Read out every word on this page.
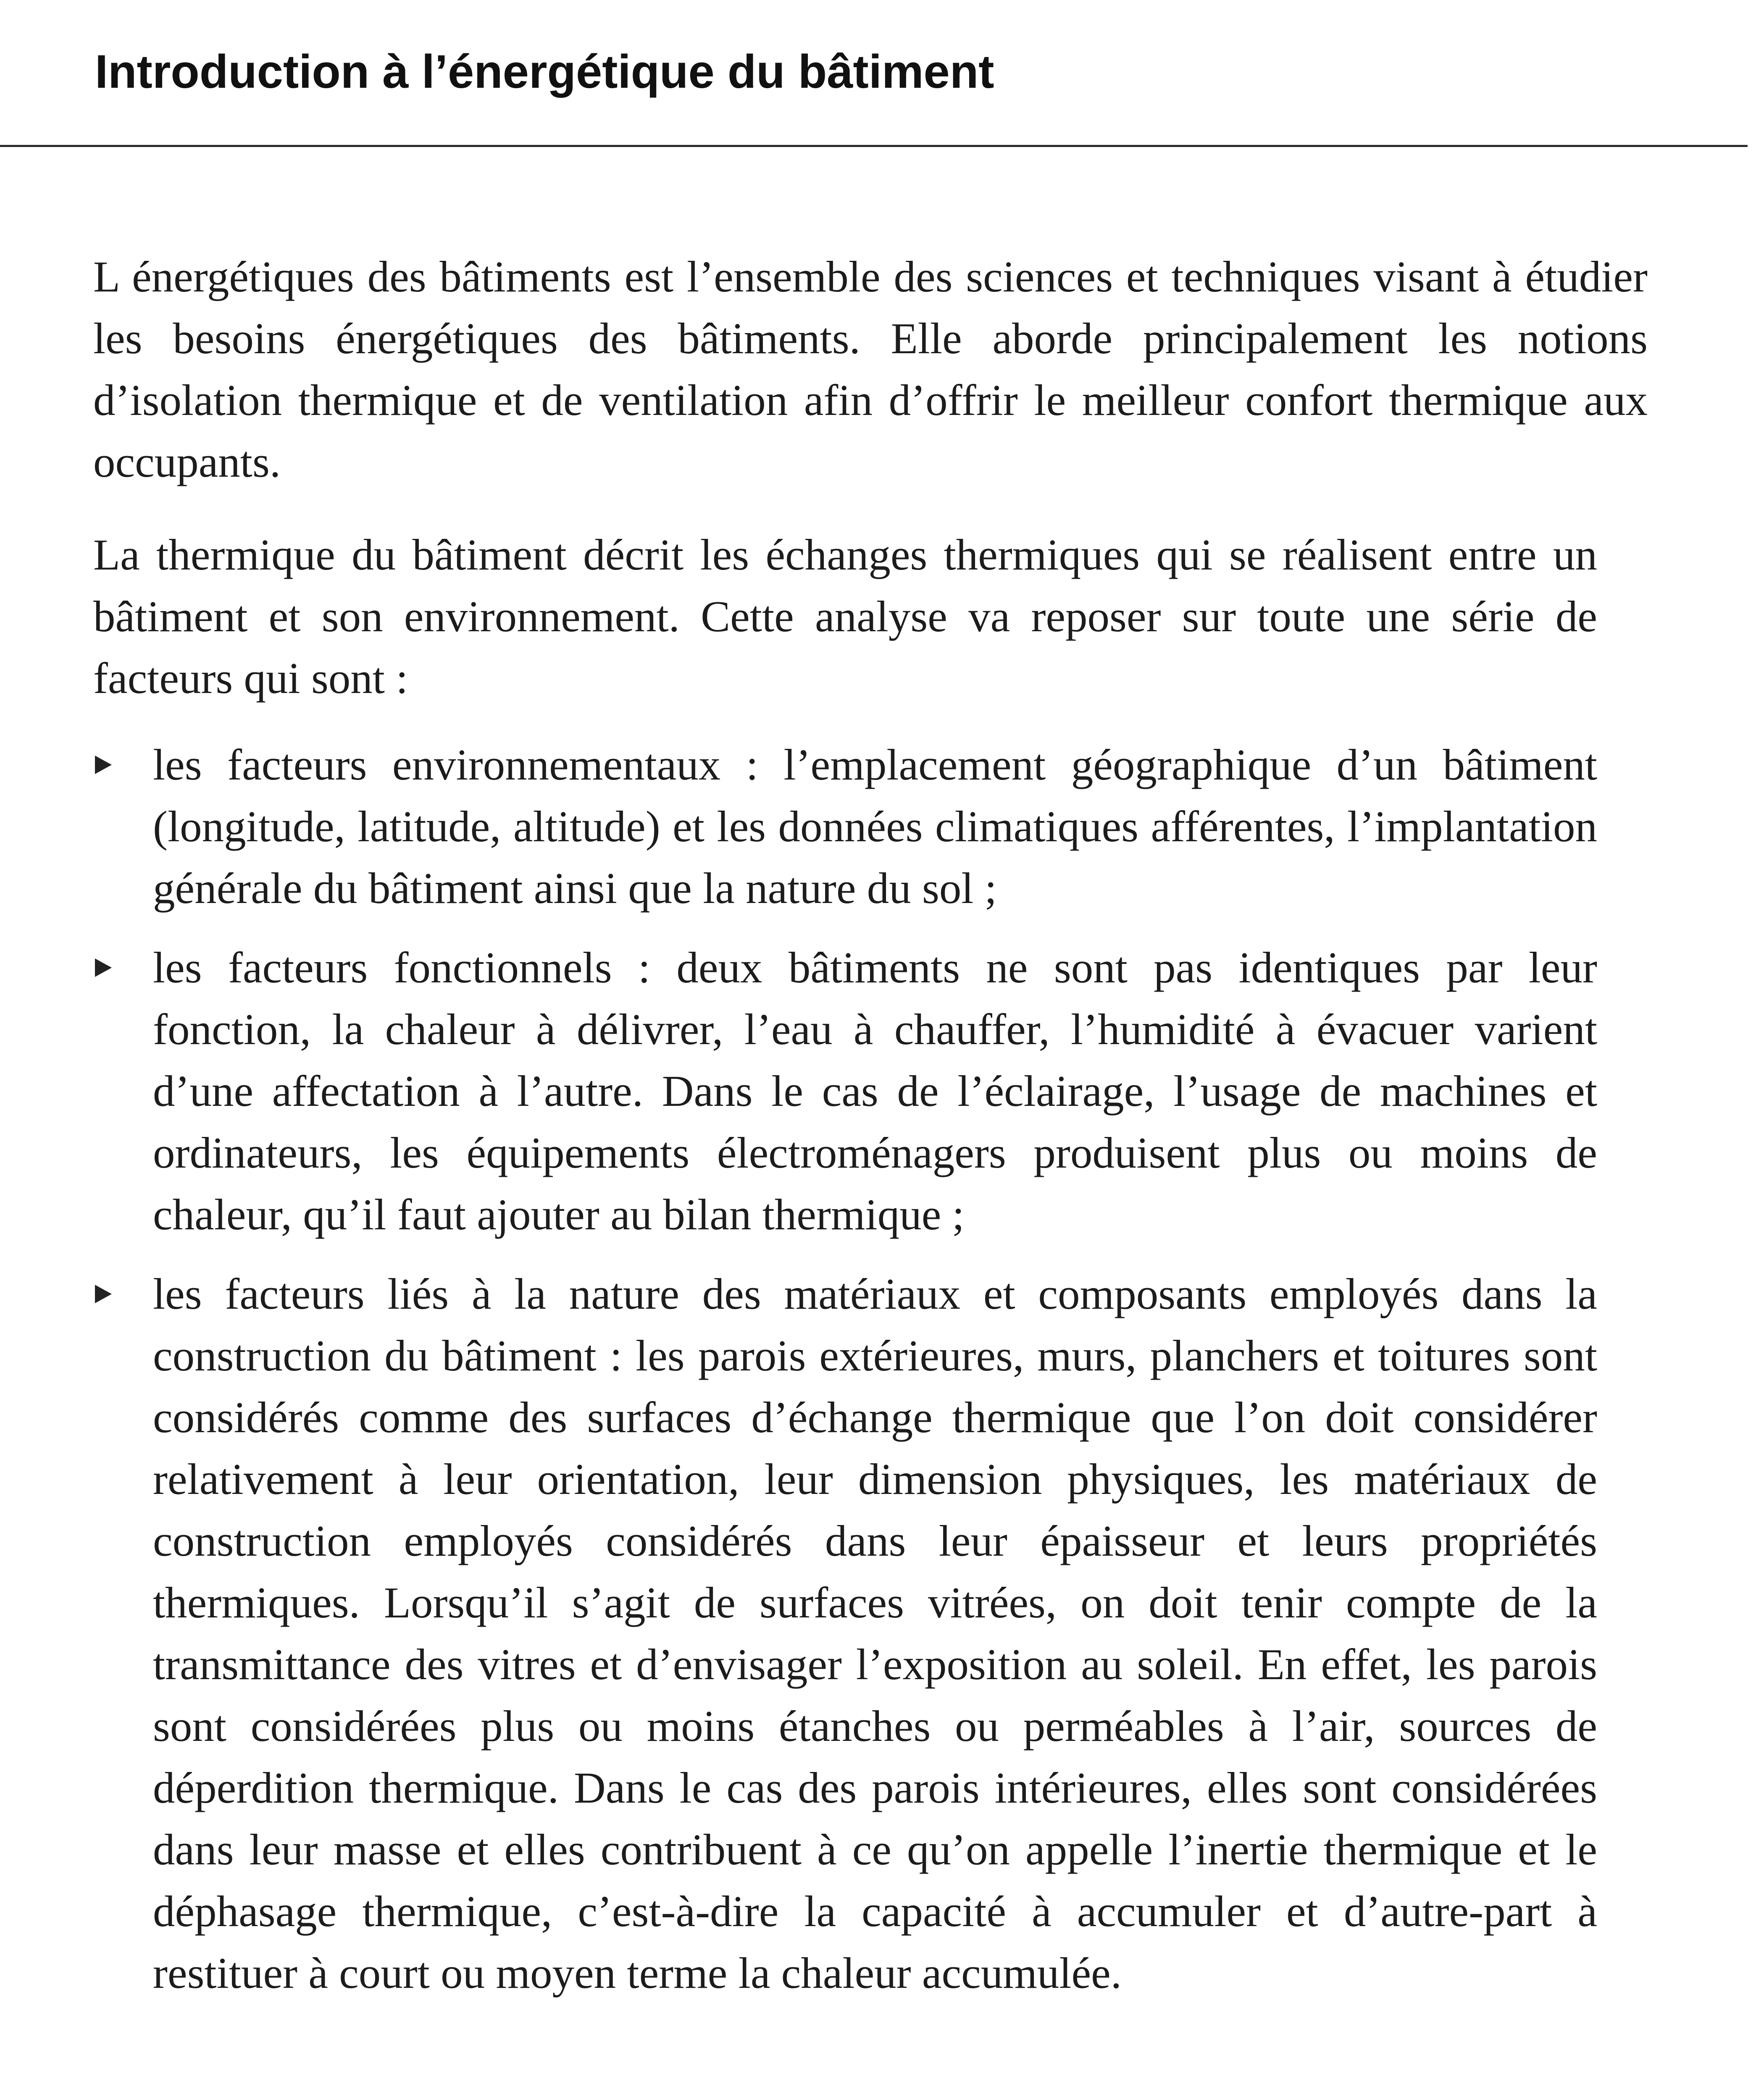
Introduction à l’énergétique du bâtiment

L énergétiques des bâtiments est l’ensemble des sciences et techniques visant à étudier les besoins énergétiques des bâtiments. Elle aborde principalement les notions d’isolation thermique et de ventilation afin d’offrir le meilleur confort thermique aux occupants.

La thermique du bâtiment décrit les échanges thermiques qui se réalisent entre un bâtiment et son environnement. Cette analyse va reposer sur toute une série de facteurs qui sont :

les facteurs environnementaux : l’emplacement géographique d’un bâtiment (longitude, latitude, altitude) et les données climatiques afférentes, l’implantation générale du bâtiment ainsi que la nature du sol ;
les facteurs fonctionnels : deux bâtiments ne sont pas identiques par leur fonction, la chaleur à délivrer, l’eau à chauffer, l’humidité à évacuer varient d’une affectation à l’autre. Dans le cas de l’éclairage, l’usage de machines et ordinateurs, les équipements électroménagers produisent plus ou moins de chaleur, qu’il faut ajouter au bilan thermique ;
les facteurs liés à la nature des matériaux et composants employés dans la construction du bâtiment : les parois extérieures, murs, planchers et toitures sont considérés comme des surfaces d’échange thermique que l’on doit considérer relativement à leur orientation, leur dimension physiques, les matériaux de construction employés considérés dans leur épaisseur et leurs propriétés thermiques. Lorsqu’il s’agit de surfaces vitrées, on doit tenir compte de la transmittance des vitres et d’envisager l’exposition au soleil. En effet, les parois sont considérées plus ou moins étanches ou perméables à l’air, sources de déperdition thermique. Dans le cas des parois intérieures, elles sont considérées dans leur masse et elles contribuent à ce qu’on appelle l’inertie thermique et le déphasage thermique, c’est-à-dire la capacité à accumuler et d’autre-part à restituer à court ou moyen terme la chaleur accumulée.
